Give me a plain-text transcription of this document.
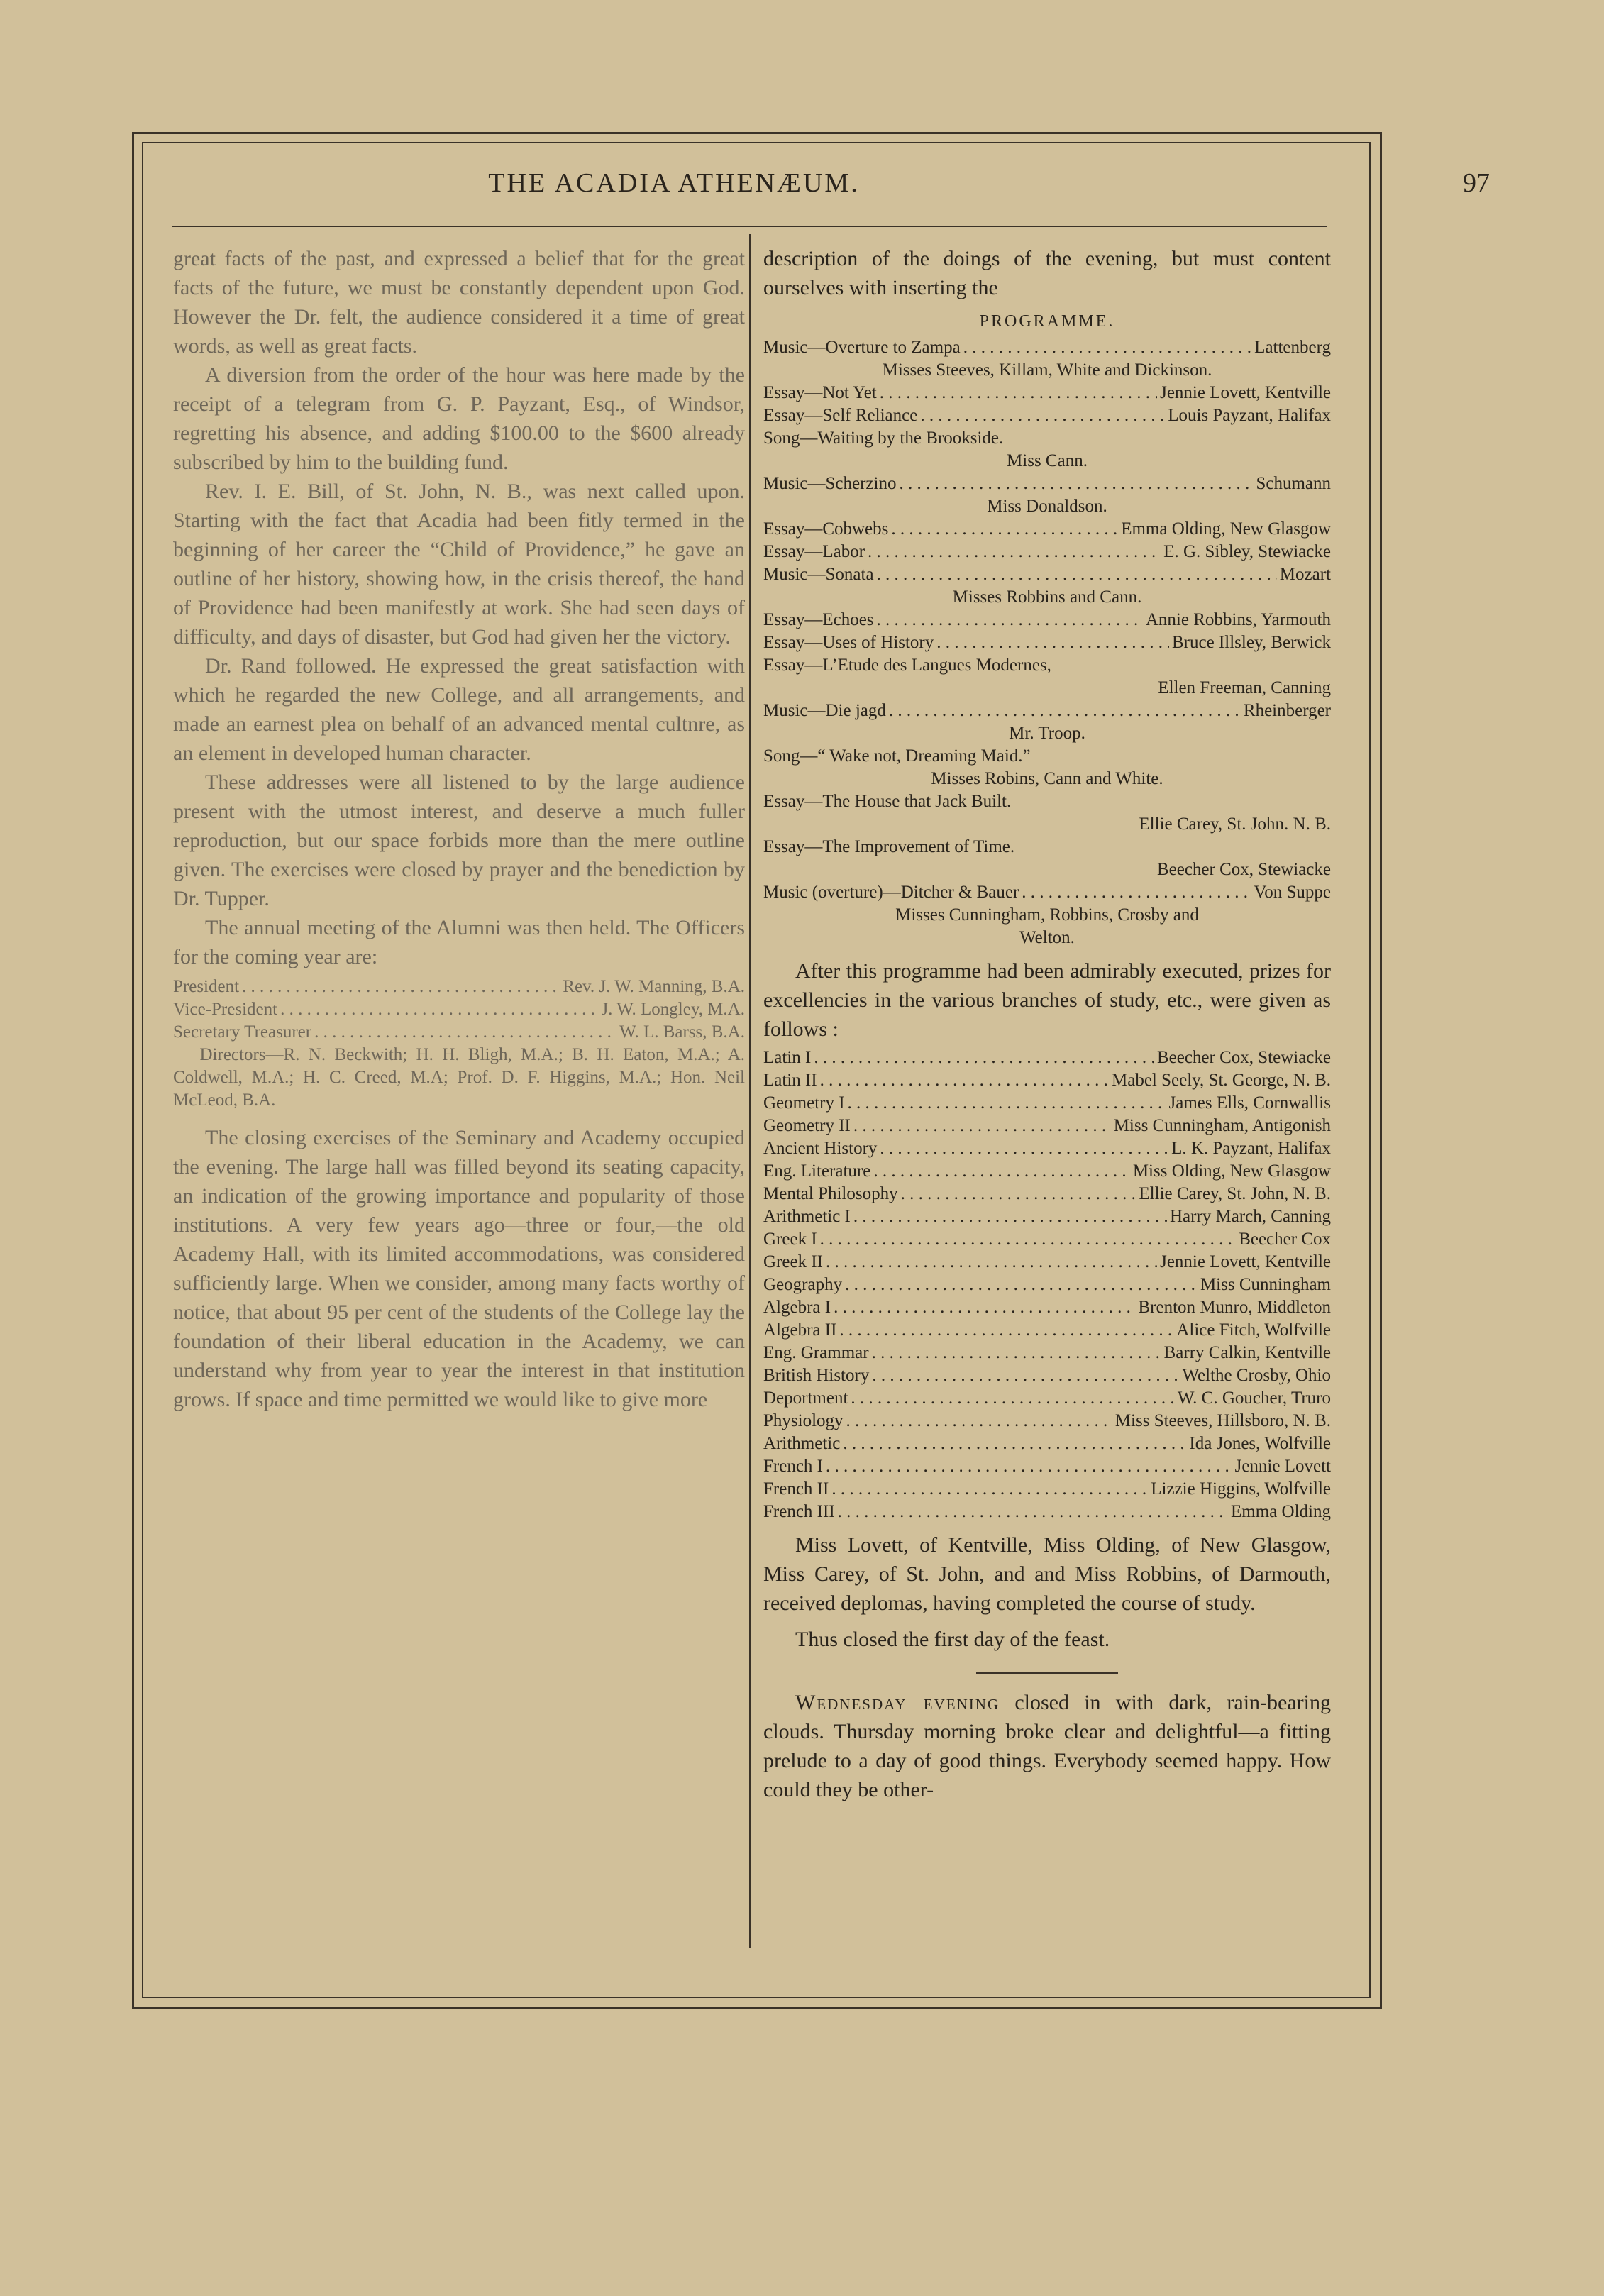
THE ACADIA ATHENÆUM.	97

great facts of the past, and expressed a belief that for the great facts of the future, we must be constantly dependent upon God. However the Dr. felt, the audience considered it a time of great words, as well as great facts.

A diversion from the order of the hour was here made by the receipt of a telegram from G. P. Payzant, Esq., of Windsor, regretting his absence, and adding $100.00 to the $600 already subscribed by him to the building fund.

Rev. I. E. Bill, of St. John, N. B., was next called upon. Starting with the fact that Acadia had been fitly termed in the beginning of her career the “Child of Providence,” he gave an outline of her history, showing how, in the crisis thereof, the hand of Providence had been manifestly at work. She had seen days of difficulty, and days of disaster, but God had given her the victory.

Dr. Rand followed. He expressed the great satisfaction with which he regarded the new College, and all arrangements, and made an earnest plea on behalf of an advanced mental cultnre, as an element in developed human character.

These addresses were all listened to by the large audience present with the utmost interest, and deserve a much fuller reproduction, but our space forbids more than the mere outline given. The exercises were closed by prayer and the benediction by Dr. Tupper.

The annual meeting of the Alumni was then held. The Officers for the coming year are:

President . . .	Rev. J. W. Manning, B.A.
Vice-President . . .	J. W. Longley, M.A.
Secretary Treasurer . . .	W. L. Barss, B.A.
Directors—R. N. Beckwith; H. H. Bligh, M.A.; B. H. Eaton, M.A.; A. Coldwell, M.A.; H. C. Creed, M.A; Prof. D. F. Higgins, M.A.; Hon. Neil McLeod, B.A.

The closing exercises of the Seminary and Academy occupied the evening. The large hall was filled beyond its seating capacity, an indication of the growing importance and popularity of those institutions. A very few years ago—three or four,—the old Academy Hall, with its limited accommodations, was considered sufficiently large. When we consider, among many facts worthy of notice, that about 95 per cent of the students of the College lay the foundation of their liberal education in the Academy, we can understand why from year to year the interest in that institution grows. If space and time permitted we would like to give more

description of the doings of the evening, but must content ourselves with inserting the

PROGRAMME.
Music—Overture to Zampa . . .	Lattenberg
Misses Steeves, Killam, White and Dickinson.
Essay—Not Yet . . .	Jennie Lovett, Kentville
Essay—Self Reliance . . .	Louis Payzant, Halifax
Song—Waiting by the Brookside.
Miss Cann.
Music—Scherzino . . .	Schumann
Miss Donaldson.
Essay—Cobwebs . . .	Emma Olding, New Glasgow
Essay—Labor . . .	E. G. Sibley, Stewiacke
Music—Sonata . . .	Mozart
Misses Robbins and Cann.
Essay—Echoes . . .	Annie Robbins, Yarmouth
Essay—Uses of History . . .	Bruce Illsley, Berwick
Essay—L’Etude des Langues Modernes,
Ellen Freeman, Canning
Music—Die jagd . . .	Rheinberger
Mr. Troop.
Song—“ Wake not, Dreaming Maid.”
Misses Robins, Cann and White.
Essay—The House that Jack Built.
Ellie Carey, St. John. N. B.
Essay—The Improvement of Time.
Beecher Cox, Stewiacke
Music (overture)—Ditcher & Bauer . . .	Von Suppe
Misses Cunningham, Robbins, Crosby and
Welton.

After this programme had been admirably executed, prizes for excellencies in the various branches of study, etc., were given as follows :

Latin I . . .	Beecher Cox, Stewiacke
Latin II . . .	Mabel Seely, St. George, N. B.
Geometry I . . .	James Ells, Cornwallis
Geometry II . . .	Miss Cunningham, Antigonish
Ancient History . . .	L. K. Payzant, Halifax
Eng. Literature . . .	Miss Olding, New Glasgow
Mental Philosophy . . .	Ellie Carey, St. John, N. B.
Arithmetic I . . .	Harry March, Canning
Greek I . . .	Beecher Cox
Greek II . . .	Jennie Lovett, Kentville
Geography . . .	Miss Cunningham
Algebra I . . .	Brenton Munro, Middleton
Algebra II . . .	Alice Fitch, Wolfville
Eng. Grammar . . .	Barry Calkin, Kentville
British History . . .	Welthe Crosby, Ohio
Deportment . . .	W. C. Goucher, Truro
Physiology . . .	Miss Steeves, Hillsboro, N. B.
Arithmetic . . .	Ida Jones, Wolfville
French I . . .	Jennie Lovett
French II . . .	Lizzie Higgins, Wolfville
French III . . .	Emma Olding

Miss Lovett, of Kentville, Miss Olding, of New Glasgow, Miss Carey, of St. John, and and Miss Robbins, of Darmouth, received deplomas, having completed the course of study.

Thus closed the first day of the feast.

Wednesday evening closed in with dark, rain-bearing clouds. Thursday morning broke clear and delightful—a fitting prelude to a day of good things. Everybody seemed happy. How could they be other-
